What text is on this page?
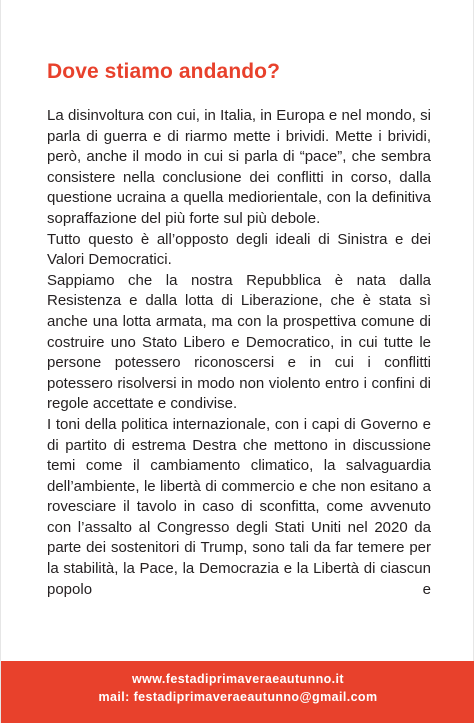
Dove stiamo andando?

La disinvoltura con cui, in Italia, in Europa e nel mondo, si parla di guerra e di riarmo mette i brividi. Mette i brividi, però, anche il modo in cui si parla di “pace”, che sembra consistere nella conclusione dei conflitti in corso, dalla questione ucraina a quella mediorientale, con la definitiva sopraffazione del più forte sul più debole.

Tutto questo è all’opposto degli ideali di Sinistra e dei Valori Democratici.

Sappiamo che la nostra Repubblica è nata dalla Resistenza e dalla lotta di Liberazione, che è stata sì anche una lotta armata, ma con la prospettiva comune di costruire uno Stato Libero e Democratico, in cui tutte le persone potessero riconoscersi e in cui i conflitti potessero risolversi in modo non violento entro i confini di regole accettate e condivise.

I toni della politica internazionale, con i capi di Governo e di partito di estrema Destra che mettono in discussione temi come il cambiamento climatico, la salvaguardia dell’ambiente, le libertà di commercio e che non esitano a rovesciare il tavolo in caso di sconfitta, come avvenuto con l’assalto al Congresso degli Stati Uniti nel 2020 da parte dei sostenitori di Trump, sono tali da far temere per la stabilità, la Pace, la Democrazia e la Libertà di ciascun popolo e

www.festadiprimaveraeautunno.it
mail: festadiprimaveraeautunno@gmail.com
